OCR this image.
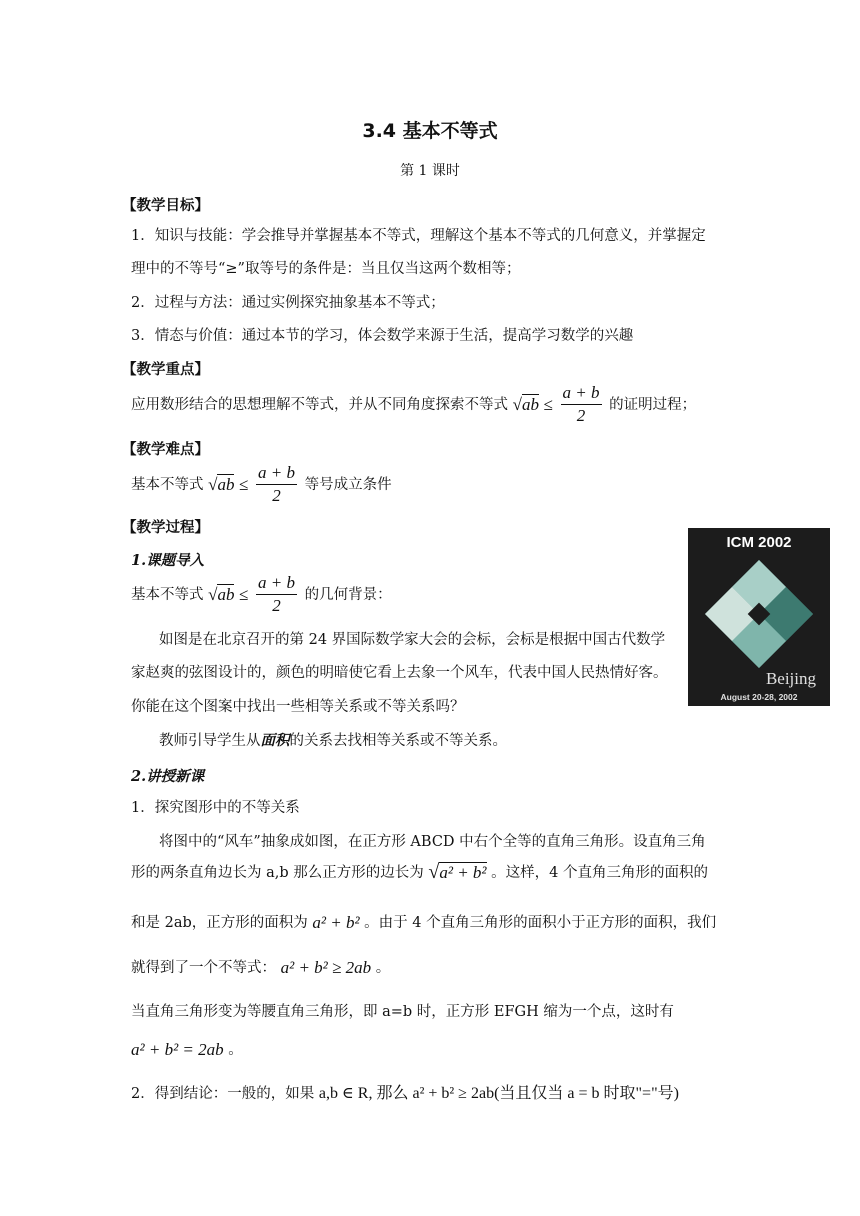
3.4 基本不等式
第 1 课时
【教学目标】
1．知识与技能：学会推导并掌握基本不等式，理解这个基本不等式的几何意义，并掌握定
理中的不等号“≥”取等号的条件是：当且仅当这两个数相等；
2．过程与方法：通过实例探究抽象基本不等式；
3．情态与价值：通过本节的学习，体会数学来源于生活，提高学习数学的兴趣
【教学重点】
应用数形结合的思想理解不等式，并从不同角度探索不等式 $√ab \le \frac{a + b}{2}$ 的证明过程；
【教学难点】
基本不等式 $√ab \le \frac{a + b}{2}$ 等号成立条件
【教学过程】
1.课题导入
基本不等式 $√ab \le \frac{a + b}{2}$ 的几何背景：
如图是在北京召开的第 24 界国际数学家大会的会标，会标是根据中国古代数学
家赵爽的弦图设计的，颜色的明暗使它看上去象一个风车，代表中国人民热情好客。
你能在这个图案中找出一些相等关系或不等关系吗？
教师引导学生从面积的关系去找相等关系或不等关系。
2.讲授新课
1．探究图形中的不等关系
将图中的“风车”抽象成如图，在正方形 ABCD 中右个全等的直角三角形。设直角三角
形的两条直角边长为 a,b 那么正方形的边长为 √a² + b² 。这样，4 个直角三角形的面积的
和是 2ab，正方形的面积为 a² + b² 。由于 4 个直角三角形的面积小于正方形的面积，我们
就得到了一个不等式： a² + b² ≥ 2ab 。
当直角三角形变为等腰直角三角形，即 a=b 时，正方形 EFGH 缩为一个点，这时有
a² + b² = 2ab 。
2．得到结论：一般的，如果 a,b ∈ R, 那么 a² + b² ≥ 2ab(当且仅当 a = b 时取"="号)
ICM 2002
Beijing
August 20-28, 2002
